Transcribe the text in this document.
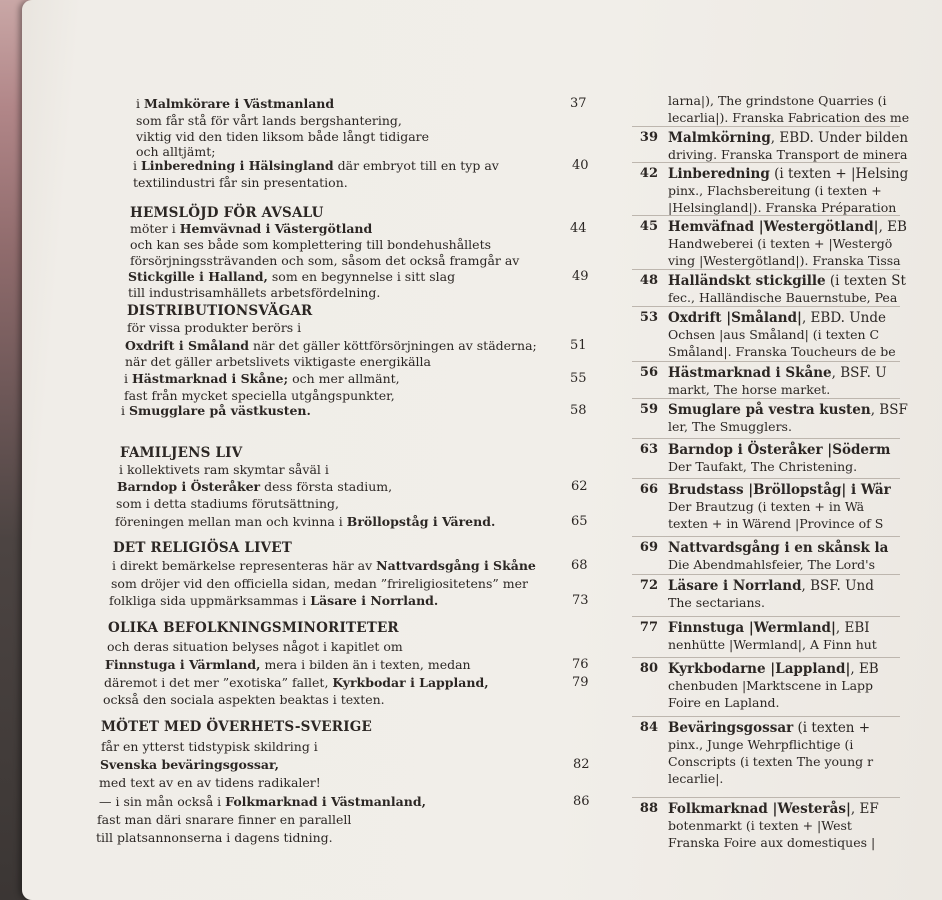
i Malmkörare i Västmanland	37
som får stå för vårt lands bergshantering,
viktig vid den tiden liksom både långt tidigare
och alltjämt;
i Linberedning i Hälsingland där embryot till en typ av	40
textilindustri får sin presentation.
HEMSLÖJD FÖR AVSALU
möter i Hemvävnad i Västergötland	44
och kan ses både som komplettering till bondehushållets
försörjningssträvanden och som, såsom det också framgår av
Stickgille i Halland, som en begynnelse i sitt slag	49
till industrisamhällets arbetsfördelning.
DISTRIBUTIONSVÄGAR
för vissa produkter berörs i
Oxdrift i Småland när det gäller köttförsörjningen av städerna;	51
när det gäller arbetslivets viktigaste energikälla
i Hästmarknad i Skåne; och mer allmänt,	55
fast från mycket speciella utgångspunkter,
i Smugglare på västkusten.	58
FAMILJENS LIV
i kollektivets ram skymtar såväl i
Barndop i Österåker dess första stadium,	62
som i detta stadiums förutsättning,
föreningen mellan man och kvinna i Bröllopståg i Värend.	65
DET RELIGIÖSA LIVET
i direkt bemärkelse representeras här av Nattvardsgång i Skåne	68
som dröjer vid den officiella sidan, medan ”frireligiositetens” mer
folkliga sida uppmärksammas i Läsare i Norrland.	73
OLIKA BEFOLKNINGSMINORITETER
och deras situation belyses något i kapitlet om
Finnstuga i Värmland, mera i bilden än i texten, medan	76
däremot i det mer ”exotiska” fallet, Kyrkbodar i Lappland,	79
också den sociala aspekten beaktas i texten.
MÖTET MED ÖVERHETS-SVERIGE
får en ytterst tidstypisk skildring i
Svenska beväringsgossar,	82
med text av en av tidens radikaler!
— i sin mån också i Folkmarknad i Västmanland,	86
fast man däri snarare finner en parallell
till platsannonserna i dagens tidning.
larna|), The grindstone Quarries (i
lecarlia|). Franska Fabrication des me
39 Malmkörning, EBD. Under bilden
driving. Franska Transport de minera
42 Linberedning (i texten + |Helsing
pinx., Flachsbereitung (i texten +
|Helsingland|). Franska Préparation
45 Hemväfnad |Westergötland|, EB
Handweberei (i texten + |Westergö
ving |Westergötland|). Franska Tissa
48 Halländskt stickgille (i texten St
fec., Halländische Bauernstube, Pea
53 Oxdrift |Småland|, EBD. Unde
Ochsen |aus Småland| (i texten C
Småland|. Franska Toucheurs de be
56 Hästmarknad i Skåne, BSF. U
markt, The horse market.
59 Smuglare på vestra kusten, BSF
ler, The Smugglers.
63 Barndop i Österåker |Söderm
Der Taufakt, The Christening.
66 Brudstass |Bröllopståg| i Wär
Der Brautzug (i texten + in Wä
texten + in Wärend |Province of S
69 Nattvardsgång i en skånsk la
Die Abendmahlsfeier, The Lord's
72 Läsare i Norrland, BSF. Und
The sectarians.
77 Finnstuga |Wermland|, EBI
nenhütte |Wermland|, A Finn hut
80 Kyrkbodarne |Lappland|, EB
chenbuden |Marktscene in Lapp
Foire en Lapland.
84 Beväringsgossar (i texten +
pinx., Junge Wehrpflichtige (i
Conscripts (i texten The young r
lecarlie|.
88 Folkmarknad |Westerås|, EF
botenmarkt (i texten + |West
Franska Foire aux domestiques |
